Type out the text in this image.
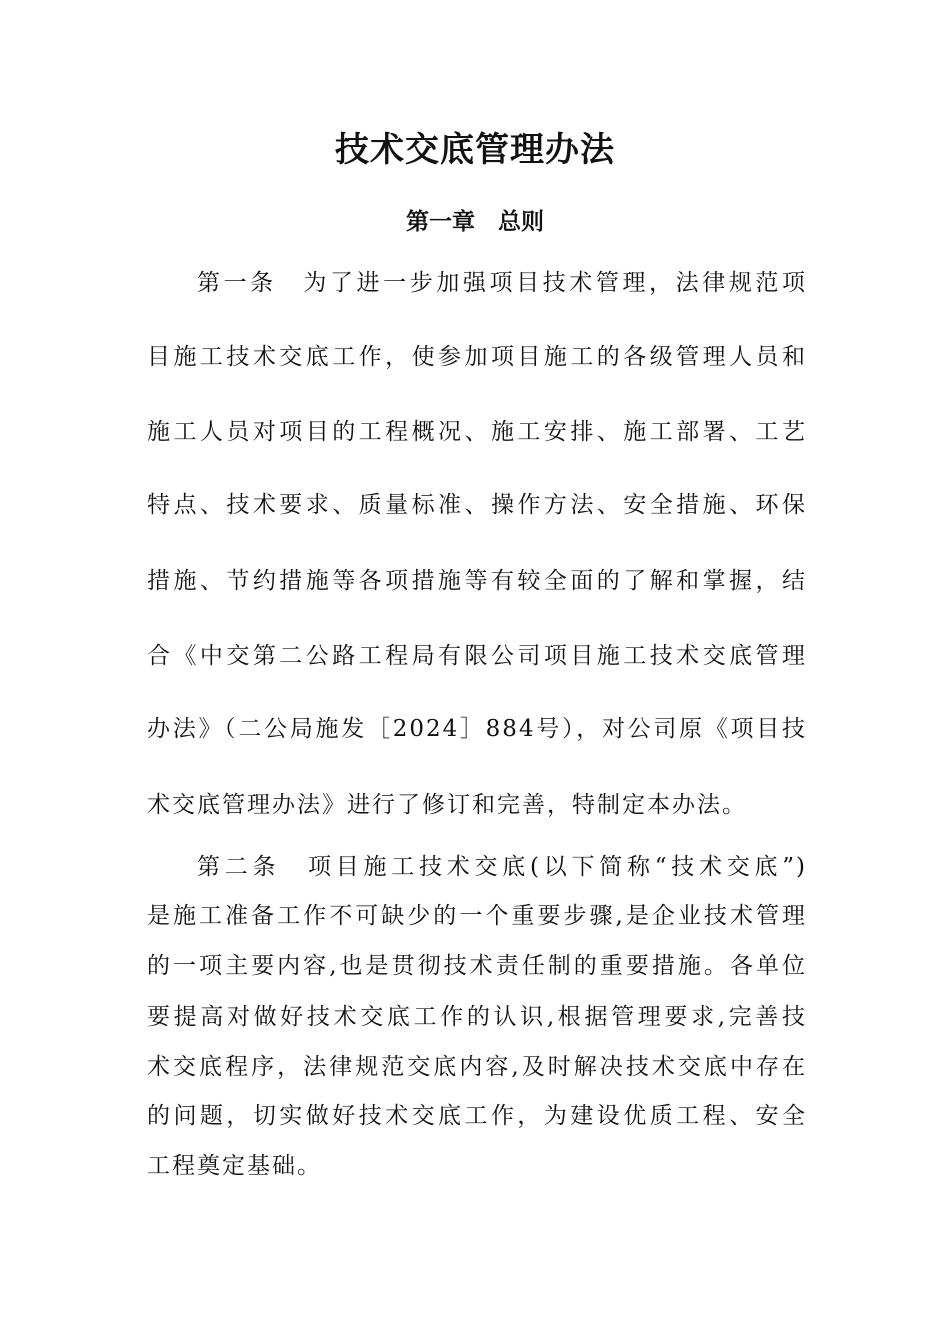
技术交底管理办法
第一章　总则
第一条　为了进一步加强项目技术管理，法律规范项
目施工技术交底工作，使参加项目施工的各级管理人员和
施工人员对项目的工程概况、施工安排、施工部署、工艺
特点、技术要求、质量标准、操作方法、安全措施、环保
措施、节约措施等各项措施等有较全面的了解和掌握，结
合《中交第二公路工程局有限公司项目施工技术交底管理
办法》（二公局施发［2024］884号），对公司原《项目技
术交底管理办法》进行了修订和完善，特制定本办法。
第二条　项目施工技术交底(以下简称“技术交底”)
是施工准备工作不可缺少的一个重要步骤,是企业技术管理
的一项主要内容,也是贯彻技术责任制的重要措施。各单位
要提高对做好技术交底工作的认识,根据管理要求,完善技
术交底程序，法律规范交底内容,及时解决技术交底中存在
的问题，切实做好技术交底工作，为建设优质工程、安全
工程奠定基础。
